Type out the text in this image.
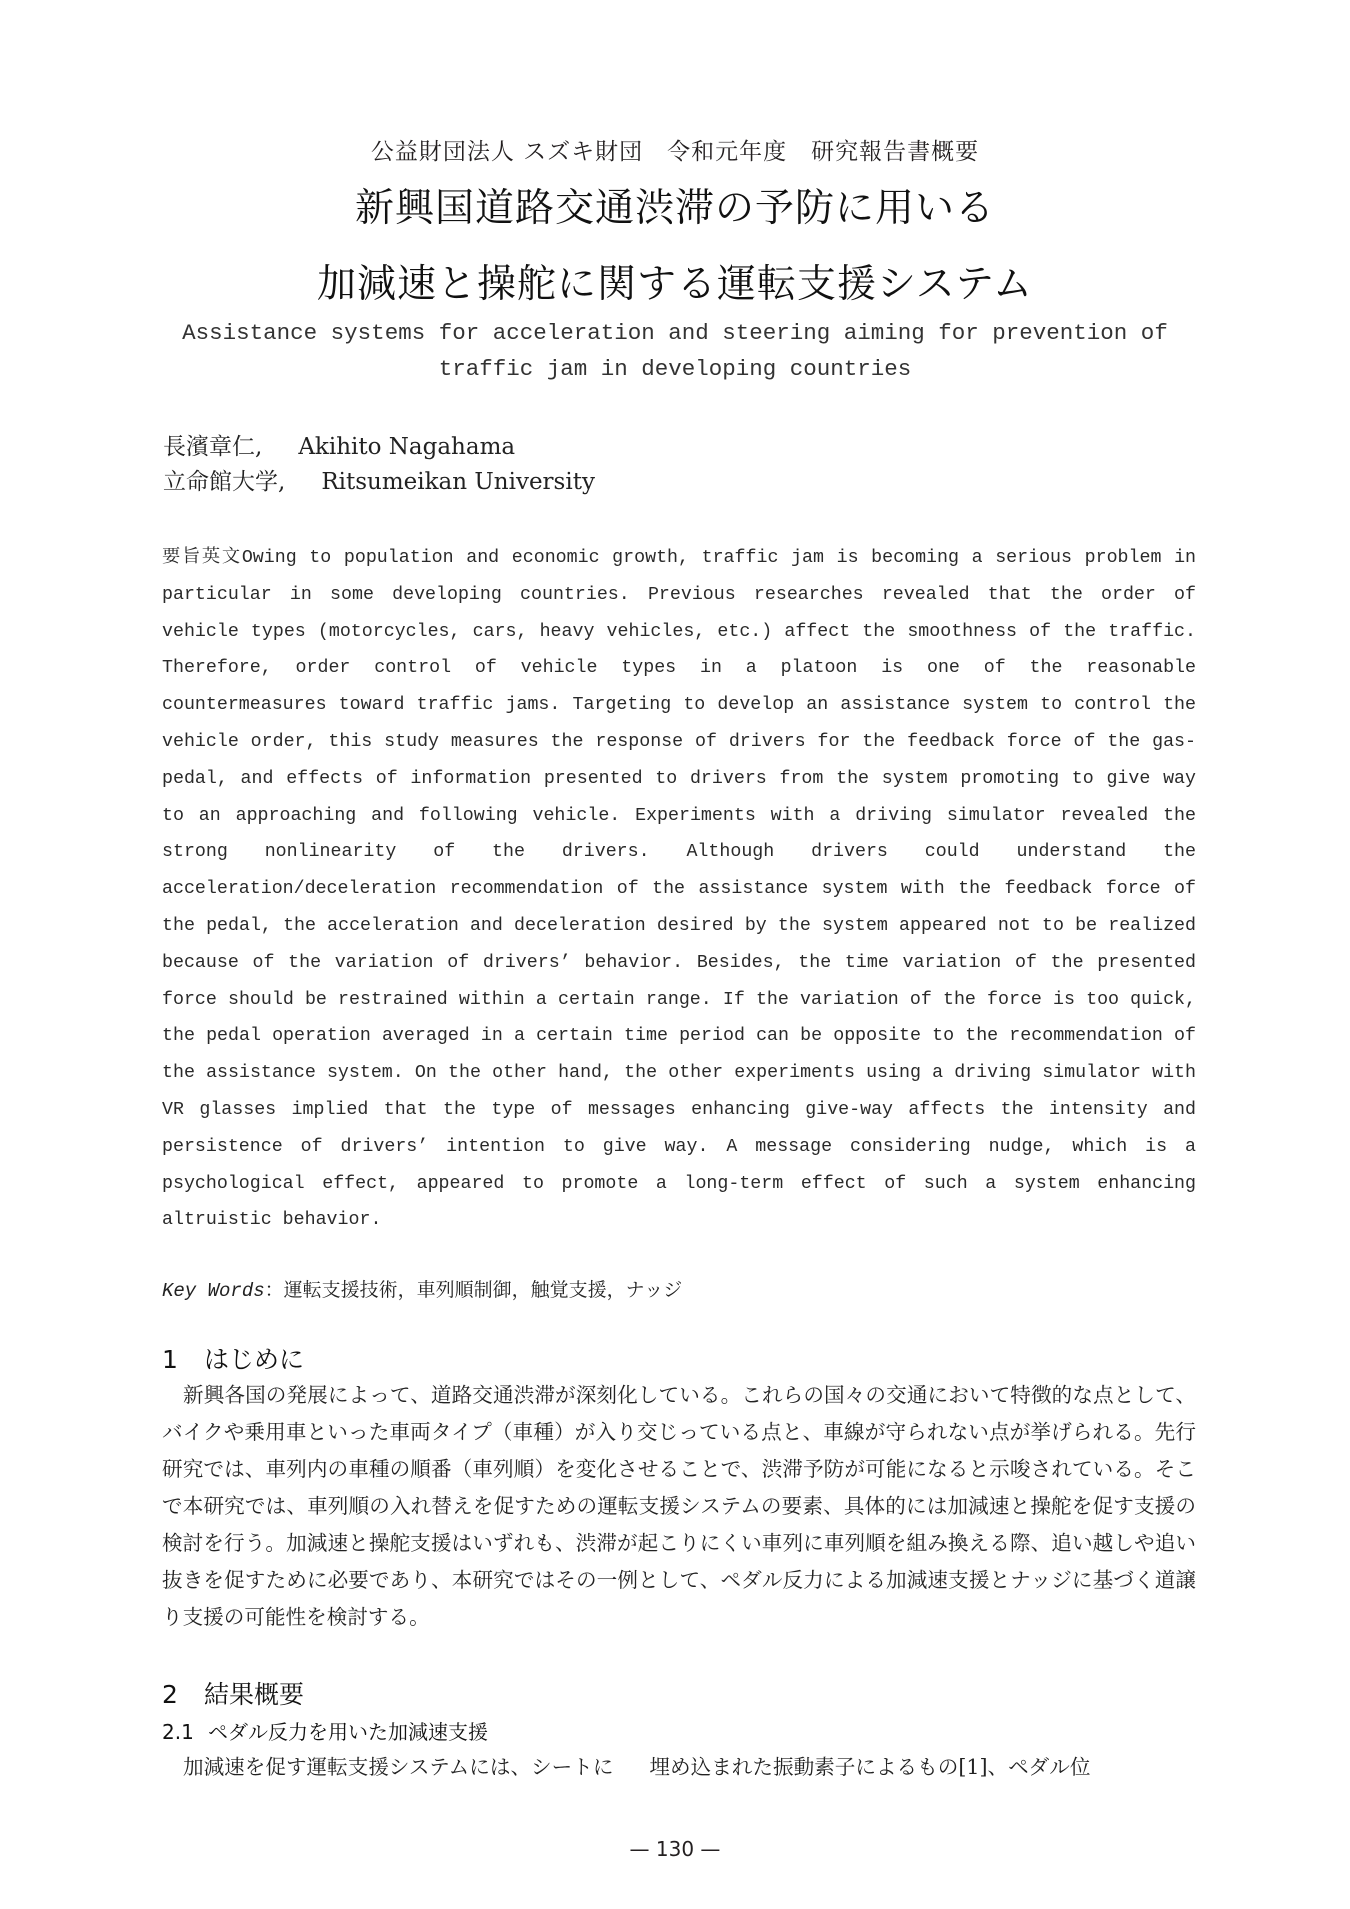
公益財団法人 スズキ財団　令和元年度　研究報告書概要
新興国道路交通渋滞の予防に用いる
加減速と操舵に関する運転支援システム
Assistance systems for acceleration and steering aiming for prevention of
traffic jam in developing countries
長濱章仁, Akihito Nagahama
立命館大学, Ritsumeikan University
要旨英文Owing to population and economic growth, traffic jam is becoming a serious problem in particular in some developing countries. Previous researches revealed that the order of vehicle types (motorcycles, cars, heavy vehicles, etc.) affect the smoothness of the traffic. Therefore, order control of vehicle types in a platoon is one of the reasonable countermeasures toward traffic jams. Targeting to develop an assistance system to control the vehicle order, this study measures the response of drivers for the feedback force of the gas-pedal, and effects of information presented to drivers from the system promoting to give way to an approaching and following vehicle. Experiments with a driving simulator revealed the strong nonlinearity of the drivers. Although drivers could understand the acceleration/deceleration recommendation of the assistance system with the feedback force of the pedal, the acceleration and deceleration desired by the system appeared not to be realized because of the variation of drivers’ behavior. Besides, the time variation of the presented force should be restrained within a certain range. If the variation of the force is too quick, the pedal operation averaged in a certain time period can be opposite to the recommendation of the assistance system. On the other hand, the other experiments using a driving simulator with VR glasses implied that the type of messages enhancing give-way affects the intensity and persistence of drivers’ intention to give way. A message considering nudge, which is a psychological effect, appeared to promote a long-term effect of such a system enhancing altruistic behavior.
Key Words：運転支援技術，車列順制御，触覚支援，ナッジ
1 はじめに
新興各国の発展によって、道路交通渋滞が深刻化している。これらの国々の交通において特徴的な点として、バイクや乗用車といった車両タイプ（車種）が入り交じっている点と、車線が守られない点が挙げられる。先行研究では、車列内の車種の順番（車列順）を変化させることで、渋滞予防が可能になると示唆されている。そこで本研究では、車列順の入れ替えを促すための運転支援システムの要素、具体的には加減速と操舵を促す支援の検討を行う。加減速と操舵支援はいずれも、渋滞が起こりにくい車列に車列順を組み換える際、追い越しや追い抜きを促すために必要であり、本研究ではその一例として、ペダル反力による加減速支援とナッジに基づく道譲り支援の可能性を検討する。
2 結果概要
2.1 ペダル反力を用いた加減速支援
加減速を促す運転支援システムには、シートに 埋め込まれた振動素子によるもの[1]、ペダル位
— 130 —
